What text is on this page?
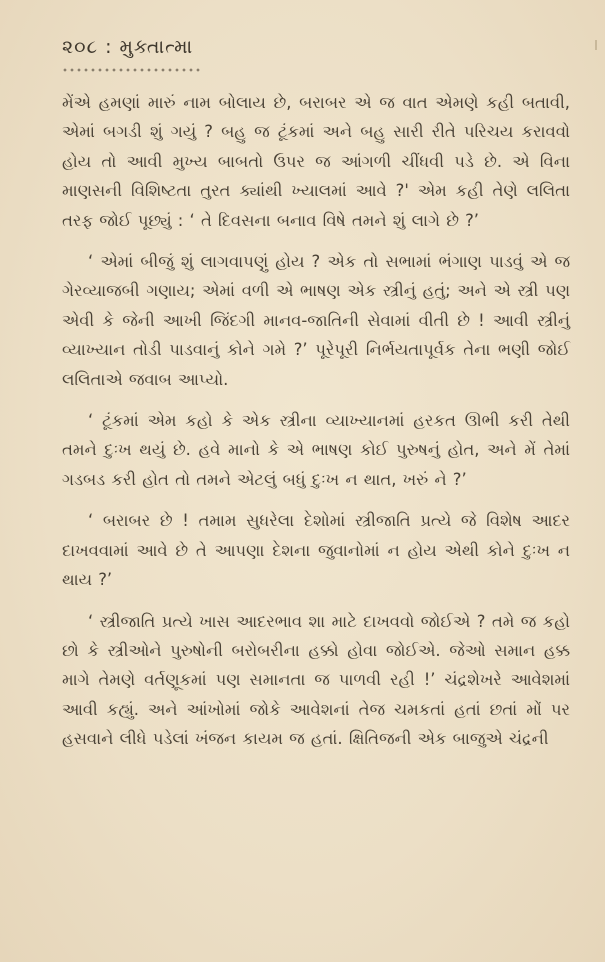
૨૦૮ : મુક્તાત્મા

મેંએ હમણાં મારું નામ બોલાય છે, બરાબર એ જ વાત એમણે કહી બતાવી, એમાં બગડી શું ગયું ? બહુ જ ટૂંકમાં અને બહુ સારી રીતે પરિચય કરાવવો હોય તો આવી મુખ્ય બાબતો ઉપર જ આંગળી ચીંધવી પડે છે. એ વિના માણસની વિશિષ્ટતા તુરત ક્યાંથી ખ્યાલમાં આવે ?' એમ કહી તેણે લલિતા તરફ જોઈ પૂછ્યું : ‘ તે દિવસના બનાવ વિષે તમને શું લાગે છે ?’

‘ એમાં બીજું શું લાગવાપણું હોય ? એક તો સભામાં ભંગાણ પાડવું એ જ ગેરવ્યાજબી ગણાય; એમાં વળી એ ભાષણ એક સ્ત્રીનું હતું; અને એ સ્ત્રી પણ એવી કે જેની આખી જિંદગી માનવ-જાતિની સેવામાં વીતી છે ! આવી સ્ત્રીનું વ્યાખ્યાન તોડી પાડવાનું કોને ગમે ?’ પૂરેપૂરી નિર્ભયતાપૂર્વક તેના ભણી જોઈ લલિતાએ જવાબ આપ્યો.

‘ ટૂંકમાં એમ કહો કે એક સ્ત્રીના વ્યાખ્યાનમાં હરકત ઊભી કરી તેથી તમને દુઃખ થયું છે. હવે માનો કે એ ભાષણ કોઈ પુરુષનું હોત, અને મેં તેમાં ગડબડ કરી હોત તો તમને એટલું બધું દુઃખ ન થાત, ખરું ને ?’

‘ બરાબર છે ! તમામ સુધરેલા દેશોમાં સ્ત્રીજાતિ પ્રત્યે જે વિશેષ આદર દાખવવામાં આવે છે તે આપણા દેશના જુવાનોમાં ન હોય એથી કોને દુઃખ ન થાય ?’

‘ સ્ત્રીજાતિ પ્રત્યે ખાસ આદરભાવ શા માટે દાખવવો જોઈએ ? તમે જ કહો છો કે સ્ત્રીઓને પુરુષોની બરોબરીના હક્કો હોવા જોઈએ. જેઓ સમાન હક્ક માગે તેમણે વર્તણૂકમાં પણ સમાનતા જ પાળવી રહી !’ ચંદ્રશેખરે આવેશમાં આવી કહ્યું. અને આંખોમાં જોકે આવેશનાં તેજ ચમકતાં હતાં છતાં મોં પર હસવાને લીધે પડેલાં ખંજન કાયમ જ હતાં. ક્ષિતિજની એક બાજુએ ચંદ્રની
